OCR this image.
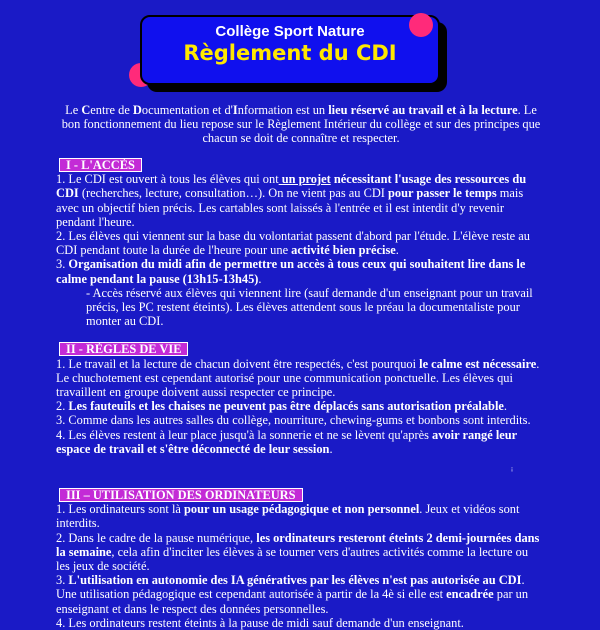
Collège Sport Nature
Règlement du CDI
Le Centre de Documentation et d'Information est un lieu réservé au travail et à la lecture. Le bon fonctionnement du lieu repose sur le Règlement Intérieur du collège et sur des principes que chacun se doit de connaître et respecter.
I - L'ACCÈS

1. Le CDI est ouvert à tous les élèves qui ont un projet nécessitant l'usage des ressources du CDI (recherches, lecture, consultation…). On ne vient pas au CDI pour passer le temps mais avec un objectif bien précis. Les cartables sont laissés à l'entrée et il est interdit d'y revenir pendant l'heure.

2. Les élèves qui viennent sur la base du volontariat passent d'abord par l'étude. L'élève reste au CDI pendant toute la durée de l'heure pour une activité bien précise.

3. Organisation du midi afin de permettre un accès à tous ceux qui souhaitent lire dans le calme pendant la pause (13h15-13h45).

- Accès réservé aux élèves qui viennent lire (sauf demande d'un enseignant pour un travail précis, les PC restent éteints). Les élèves attendent sous le préau la documentaliste pour monter au CDI.

II - RÈGLES DE VIE

1. Le travail et la lecture de chacun doivent être respectés, c'est pourquoi le calme est nécessaire. Le chuchotement est cependant autorisé pour une communication ponctuelle. Les élèves qui travaillent en groupe doivent aussi respecter ce principe.

2. Les fauteuils et les chaises ne peuvent pas être déplacés sans autorisation préalable.

3. Comme dans les autres salles du collège, nourriture, chewing-gums et bonbons sont interdits.

4. Les élèves restent à leur place jusqu'à la sonnerie et ne se lèvent qu'après avoir rangé leur espace de travail et s'être déconnecté de leur session.

¡
III – UTILISATION DES ORDINATEURS

1. Les ordinateurs sont là pour un usage pédagogique et non personnel. Jeux et vidéos sont interdits.

2. Dans le cadre de la pause numérique, les ordinateurs resteront éteints 2 demi-journées dans la semaine, cela afin d'inciter les élèves à se tourner vers d'autres activités comme la lecture ou les jeux de société.

3. L'utilisation en autonomie des IA génératives par les élèves n'est pas autorisée au CDI. Une utilisation pédagogique est cependant autorisée à partir de la 4è si elle est encadrée par un enseignant et dans le respect des données personnelles.

4. Les ordinateurs restent éteints à la pause de midi sauf demande d'un enseignant.
